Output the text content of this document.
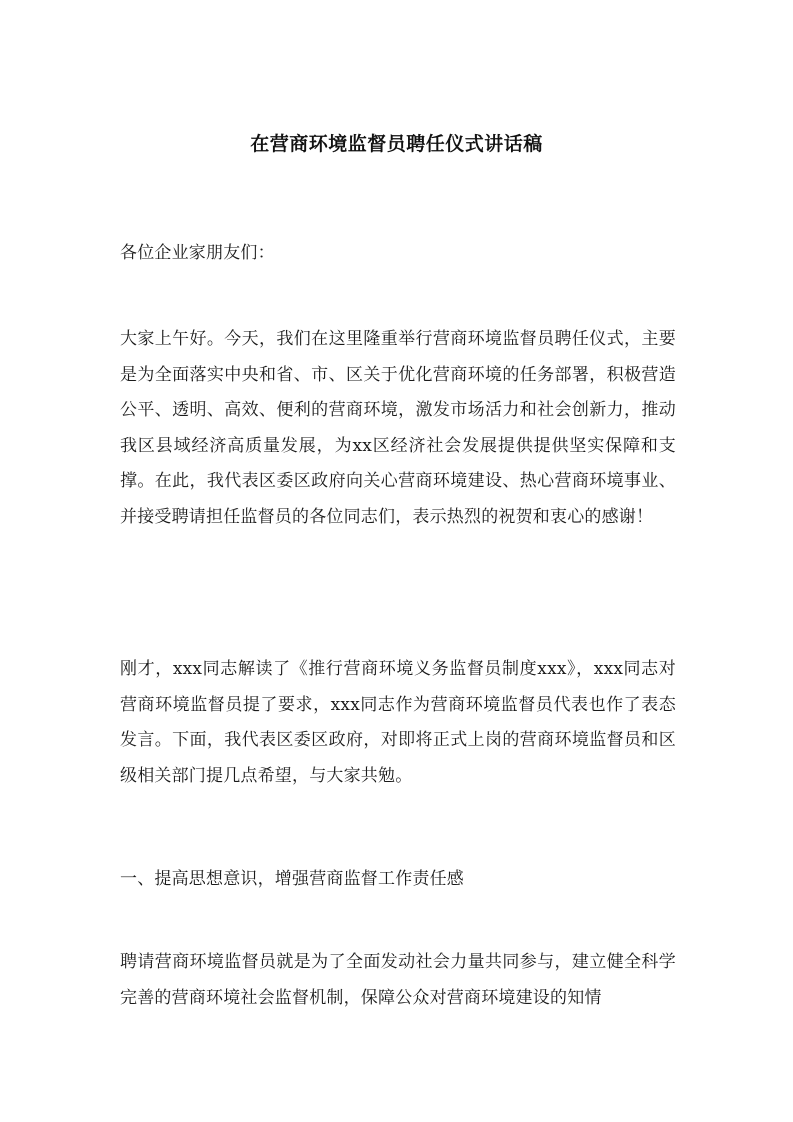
在营商环境监督员聘任仪式讲话稿

各位企业家朋友们：

大家上午好。今天，我们在这里隆重举行营商环境监督员聘任仪式，主要是为全面落实中央和省、市、区关于优化营商环境的任务部署，积极营造公平、透明、高效、便利的营商环境，激发市场活力和社会创新力，推动我区县域经济高质量发展，为xx区经济社会发展提供提供坚实保障和支撑。在此，我代表区委区政府向关心营商环境建设、热心营商环境事业、并接受聘请担任监督员的各位同志们，表示热烈的祝贺和衷心的感谢！

刚才，xxx同志解读了《推行营商环境义务监督员制度xxx》，xxx同志对营商环境监督员提了要求，xxx同志作为营商环境监督员代表也作了表态发言。下面，我代表区委区政府，对即将正式上岗的营商环境监督员和区级相关部门提几点希望，与大家共勉。

一、提高思想意识，增强营商监督工作责任感

聘请营商环境监督员就是为了全面发动社会力量共同参与，建立健全科学完善的营商环境社会监督机制，保障公众对营商环境建设的知情
